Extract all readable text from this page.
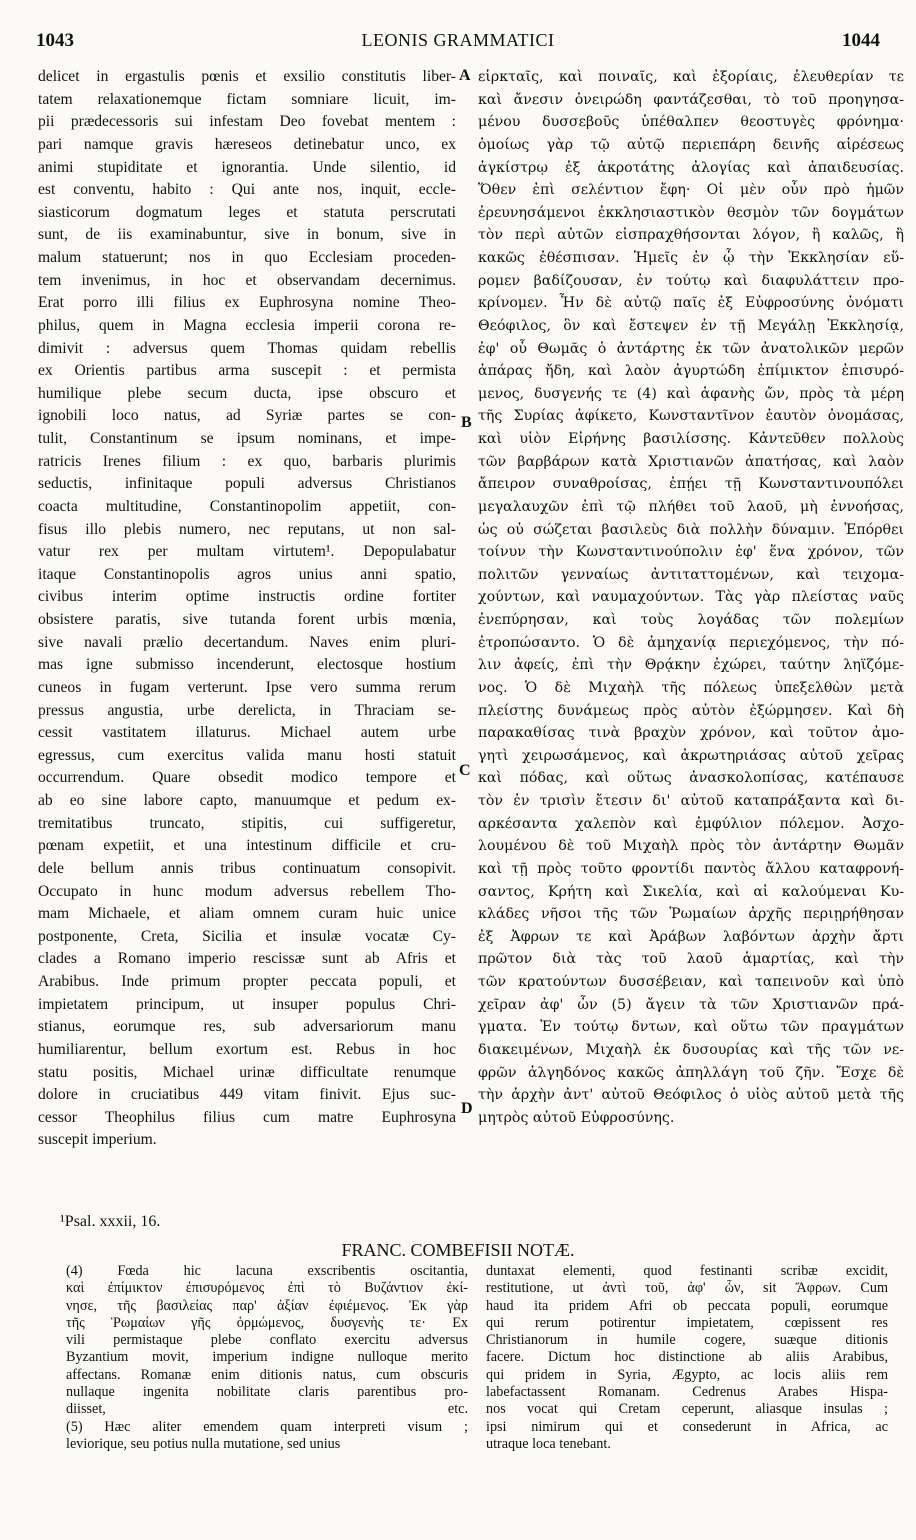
1043	LEONIS GRAMMATICI	1044
delicet in ergastulis pœnis et exsilio constitutis liber-
tatem relaxationemque fictam somniare licuit, im-
pii prædecessoris sui infestam Deo fovebat mentem :
pari namque gravis hæreseos detinebatur unco, ex
animi stupiditate et ignorantia. Unde silentio, id
est conventu, habito : Qui ante nos, inquit, eccle-
siasticorum dogmatum leges et statuta perscrutati
sunt, de iis examinabuntur, sive in bonum, sive in
malum statuerunt; nos in quo Ecclesiam proceden-
tem invenimus, in hoc et observandam decernimus.
Erat porro illi filius ex Euphrosyna nomine Theo-
philus, quem in Magna ecclesia imperii corona re-
dimivit : adversus quem Thomas quidam rebellis
ex Orientis partibus arma suscepit : et permista
humilique plebe secum ducta, ipse obscuro et
ignobili loco natus, ad Syriæ partes se con-
tulit, Constantinum se ipsum nominans, et impe-
ratricis Irenes filium : ex quo, barbaris plurimis
seductis, infinitaque populi adversus Christianos
coacta multitudine, Constantinopolim appetiit, con-
fisus illo plebis numero, nec reputans, ut non sal-
vatur rex per multam virtutem¹. Depopulabatur
itaque Constantinopolis agros unius anni spatio,
civibus interim optime instructis ordine fortiter
obsistere paratis, sive tutanda forent urbis mœnia,
sive navali prælio decertandum. Naves enim pluri-
mas igne submisso incenderunt, electosque hostium
cuneos in fugam verterunt. Ipse vero summa rerum
pressus angustia, urbe derelicta, in Thraciam se-
cessit vastitatem illaturus. Michael autem urbe
egressus, cum exercitus valida manu hosti statuit
occurrendum. Quare obsedit modico tempore et
ab eo sine labore capto, manuumque et pedum ex-
tremitatibus truncato, stipitis, cui suffigeretur,
pœnam expetiit, et una intestinum difficile et cru-
dele bellum annis tribus continuatum consopivit.
Occupato in hunc modum adversus rebellem Tho-
mam Michaele, et aliam omnem curam huic unice
postponente, Creta, Sicilia et insulæ vocatæ Cy-
clades a Romano imperio rescissæ sunt ab Afris et
Arabibus. Inde primum propter peccata populi, et
impietatem principum, ut insuper populus Chri-
stianus, eorumque res, sub adversariorum manu
humiliarentur, bellum exortum est. Rebus in hoc
statu positis, Michael urinæ difficultate renumque
dolore in cruciatibus 449 vitam finivit. Ejus suc-
cessor Theophilus filius cum matre Euphrosyna
suscepit imperium.
εἱρκταῖς, καὶ ποιναῖς, καὶ ἐξορίαις, ἐλευθερίαν τε
καὶ ἄνεσιν ὀνειρώδη φαντάζεσθαι, τὸ τοῦ προηγησα-
μένου δυσσεβοῦς ὑπέθαλπεν θεοστυγὲς φρόνημα·
ὁμοίως γὰρ τῷ αὐτῷ περιεπάρη δεινῆς αἱρέσεως
ἀγκίστρῳ ἐξ ἀκροτάτης ἀλογίας καὶ ἀπαιδευσίας.
Ὅθεν ἐπὶ σελέντιον ἔφη· Οἱ μὲν οὖν πρὸ ἡμῶν
ἐρευνησάμενοι ἐκκλησιαστικὸν θεσμὸν τῶν δογμάτων
τὸν περὶ αὐτῶν εἰσπραχθήσονται λόγον, ἢ καλῶς, ἢ
κακῶς ἐθέσπισαν. Ἡμεῖς ἐν ᾧ τὴν Ἐκκλησίαν εὕ-
ρομεν βαδίζουσαν, ἐν τούτῳ καὶ διαφυλάττειν προ-
κρίνομεν. Ἦν δὲ αὐτῷ παῖς ἐξ Εὐφροσύνης ὀνόματι
Θεόφιλος, ὃν καὶ ἔστεψεν ἐν τῇ Μεγάλῃ Ἐκκλησίᾳ,
ἐφ' οὗ Θωμᾶς ὁ ἀντάρτης ἐκ τῶν ἀνατολικῶν μερῶν
ἀπάρας ἤδη, καὶ λαὸν ἀγυρτώδη ἐπίμικτον ἐπισυρό-
μενος, δυσγενής τε (4) καὶ ἀφανὴς ὤν, πρὸς τὰ μέρη
τῆς Συρίας ἀφίκετο, Κωνσταντῖνον ἑαυτὸν ὀνομάσας,
καὶ υἱὸν Εἰρήνης βασιλίσσης. Κἀντεῦθεν πολλοὺς
τῶν βαρβάρων κατὰ Χριστιανῶν ἀπατήσας, καὶ λαὸν
ἄπειρον συναθροίσας, ἐπῄει τῇ Κωνσταντινουπόλει
μεγαλαυχῶν ἐπὶ τῷ πλήθει τοῦ λαοῦ, μὴ ἐννοήσας,
ὡς οὐ σώζεται βασιλεὺς διὰ πολλὴν δύναμιν. Ἐπόρθει
τοίνυν τὴν Κωνσταντινούπολιν ἐφ' ἕνα χρόνον, τῶν
πολιτῶν γενναίως ἀντιταττομένων, καὶ τειχομα-
χούντων, καὶ ναυμαχούντων. Τὰς γὰρ πλείστας ναῦς
ἐνεπύρησαν, καὶ τοὺς λογάδας τῶν πολεμίων
ἐτροπώσαντο. Ὁ δὲ ἀμηχανίᾳ περιεχόμενος, τὴν πό-
λιν ἀφείς, ἐπὶ τὴν Θρᾴκην ἐχώρει, ταύτην ληϊζόμε-
νος. Ὁ δὲ Μιχαὴλ τῆς πόλεως ὑπεξελθὼν μετὰ
πλείστης δυνάμεως πρὸς αὐτὸν ἐξώρμησεν. Καὶ δὴ
παρακαθίσας τινὰ βραχὺν χρόνον, καὶ τοῦτον ἀμο-
γητὶ χειρωσάμενος, καὶ ἀκρωτηριάσας αὐτοῦ χεῖρας
καὶ πόδας, καὶ οὕτως ἀνασκολοπίσας, κατέπαυσε
τὸν ἐν τρισὶν ἔτεσιν δι' αὐτοῦ καταπράξαντα καὶ δι-
αρκέσαντα χαλεπὸν καὶ ἐμφύλιον πόλεμον. Ἀσχο-
λουμένου δὲ τοῦ Μιχαὴλ πρὸς τὸν ἀντάρτην Θωμᾶν
καὶ τῇ πρὸς τοῦτο φροντίδι παντὸς ἄλλου καταφρονή-
σαντος, Κρήτη καὶ Σικελία, καὶ αἱ καλούμεναι Κυ-
κλάδες νῆσοι τῆς τῶν Ῥωμαίων ἀρχῆς περιῃρήθησαν
ἐξ Ἀφρων τε καὶ Ἀράβων λαβόντων ἀρχὴν ἄρτι
πρῶτον διὰ τὰς τοῦ λαοῦ ἁμαρτίας, καὶ τὴν
τῶν κρατούντων δυσσέβειαν, καὶ ταπεινοῦν καὶ ὑπὸ
χεῖραν ἀφ' ὧν (5) ἄγειν τὰ τῶν Χριστιανῶν πρά-
γματα. Ἐν τούτῳ δντων, καὶ οὕτω τῶν πραγμάτων
διακειμένων, Μιχαὴλ ἐκ δυσουρίας καὶ τῆς τῶν νε-
φρῶν ἀλγηδόνος κακῶς ἀπηλλάγη τοῦ ζῆν. Ἔσχε δὲ
τὴν ἀρχὴν ἀντ' αὐτοῦ Θεόφιλος ὁ υἱὸς αὐτοῦ μετὰ τῆς
μητρὸς αὐτοῦ Εὐφροσύνης.
A
B
C
D
¹Psal. xxxii, 16.
FRANC. COMBEFISII NOTÆ.
(4) Fœda hic lacuna exscribentis oscitantia,
καὶ ἐπίμικτον ἐπισυρόμενος ἐπὶ τὸ Βυζάντιον ἐκί-
νησε, τῆς βασιλείας παρ' ἀξίαν ἐφιέμενος. Ἐκ γὰρ
τῆς Ῥωμαίων γῆς ὁρμώμενος, δυσγενὴς τε· Ex
vili permistaque plebe conflato exercitu adversus
Byzantium movit, imperium indigne nulloque merito
affectans. Romanæ enim ditionis natus, cum obscuris
nullaque ingenita nobilitate claris parentibus pro-
diisset, etc.
(5) Hæc aliter emendem quam interpreti visum ;
leviorique, seu potius nulla mutatione, sed unius
duntaxat elementi, quod festinanti scribæ excidit,
restitutione, ut ἀντὶ τοῦ, ἀφ' ὧν, sit Ἄφρων. Cum
haud ita pridem Afri ob peccata populi, eorumque
qui rerum potirentur impietatem, cœpissent res
Christianorum in humile cogere, suæque ditionis
facere. Dictum hoc distinctione ab aliis Arabibus,
qui pridem in Syria, Ægypto, ac locis aliis rem
labefactassent Romanam. Cedrenus Arabes Hispa-
nos vocat qui Cretam ceperunt, aliasque insulas ;
ipsi nimirum qui et consederunt in Africa, ac
utraque loca tenebant.
